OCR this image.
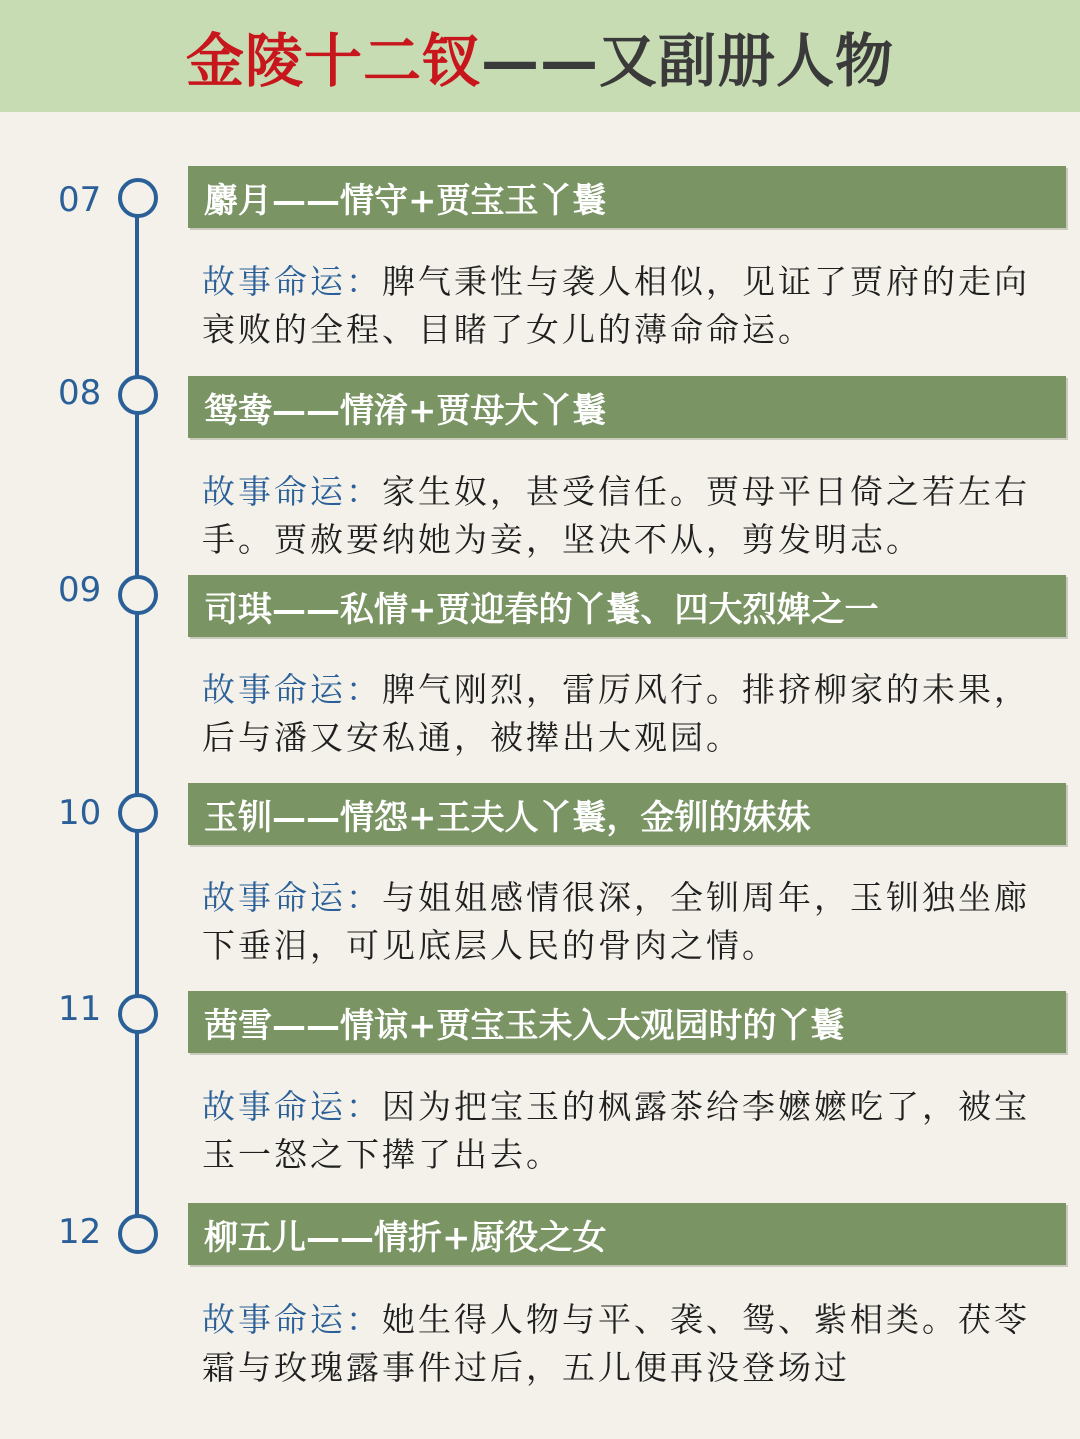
金陵十二钗——又副册人物
07	麝月——情守+贾宝玉丫鬟
故事命运：脾气秉性与袭人相似，见证了贾府的走向衰败的全程、目睹了女儿的薄命命运。
08	鸳鸯——情淆+贾母大丫鬟
故事命运：家生奴，甚受信任。贾母平日倚之若左右手。贾赦要纳她为妾，坚决不从，剪发明志。
09	司琪——私情+贾迎春的丫鬟、四大烈婢之一
故事命运：脾气刚烈，雷厉风行。排挤柳家的未果，后与潘又安私通，被撵出大观园。
10	玉钏——情怨+王夫人丫鬟，金钏的妹妹
故事命运：与姐姐感情很深，全钏周年，玉钏独坐廊下垂泪，可见底层人民的骨肉之情。
11	茜雪——情谅+贾宝玉未入大观园时的丫鬟
故事命运：因为把宝玉的枫露茶给李嬷嬷吃了，被宝玉一怒之下撵了出去。
12	柳五儿——情折+厨役之女
故事命运：她生得人物与平、袭、鸳、紫相类。茯苓霜与玫瑰露事件过后，五儿便再没登场过
